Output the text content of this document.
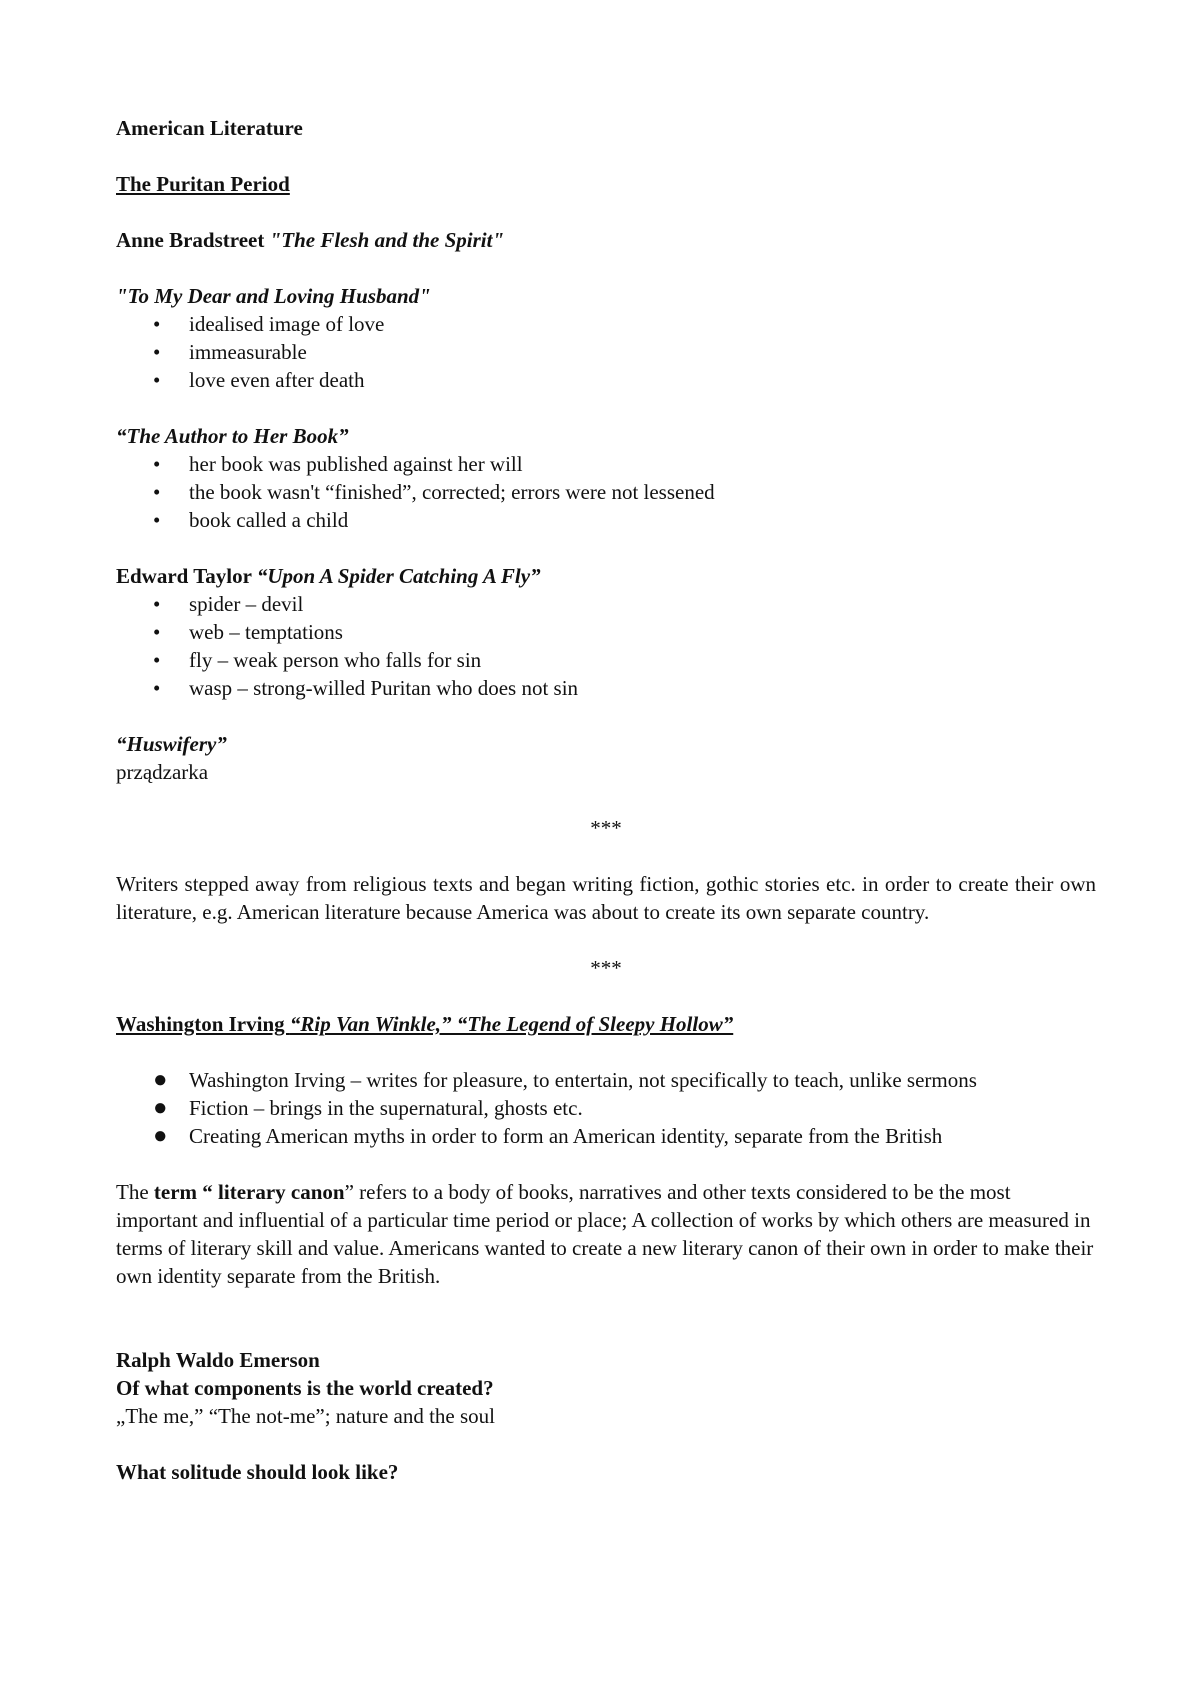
American Literature

The Puritan Period

Anne Bradstreet "The Flesh and the Spirit"

"To My Dear and Loving Husband"

• idealised image of love
• immeasurable
• love even after death

“The Author to Her Book”

• her book was published against her will
• the book wasn't “finished”, corrected; errors were not lessened
• book called a child

Edward Taylor “Upon A Spider Catching A Fly”

• spider – devil
• web – temptations
• fly – weak person who falls for sin
• wasp – strong-willed Puritan who does not sin

“Huswifery”

prządzarka

***

Writers stepped away from religious texts and began writing fiction, gothic stories etc. in order to create their own literature, e.g. American literature because America was about to create its own separate country.

***

Washington Irving “Rip Van Winkle,” “The Legend of Sleepy Hollow”

● Washington Irving – writes for pleasure, to entertain, not specifically to teach, unlike sermons
● Fiction – brings in the supernatural, ghosts etc.
● Creating American myths in order to form an American identity, separate from the British

The term “ literary canon” refers to a body of books, narratives and other texts considered to be the most important and influential of a particular time period or place; A collection of works by which others are measured in terms of literary skill and value. Americans wanted to create a new literary canon of their own in order to make their own identity separate from the British.

Ralph Waldo Emerson

Of what components is the world created?

„The me,” “The not-me”; nature and the soul

What solitude should look like?
